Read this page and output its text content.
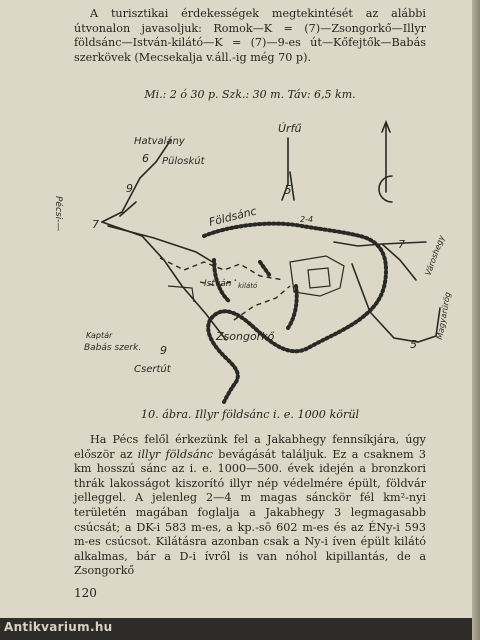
A turisztikai érdekességek megtekintését az alábbi útvonalon javasoljuk: Romok—K = (7)—Zsongorkő—Illyr földsánc—István-kilátó—K = (7)—9-es út—Kőfejtők—Babás szerkövek (Mecsekalja v.áll.-ig még 70 p).
Mi.: 2 ó 30 p. Szk.: 30 m. Táv: 6,5 km.
Pécsi-—
Hatvalány
Püloskút
Úrfű
Földsánc
István kilátó
Zsongorkő
Babás szerk.
Kaptár
Csertút
Városhegy
Magyarürög
6
9
7
5
2-4
7
9	5
10. ábra. Illyr földsánc i. e. 1000 körül
Ha Pécs felől érkezünk fel a Jakabhegy fennsíkjára, úgy először az illyr földsánc bevágását találjuk. Ez a csaknem 3 km hosszú sánc az i. e. 1000—500. évek idején a bronzkori thrák lakosságot kiszorító illyr nép védelmére épült, földvár jelleggel. A jelenleg 2—4 m magas sánckör fél km²-nyi területén magában foglalja a Jakabhegy 3 legmagasabb csúcsát; a DK-i 583 m-es, a kp.-sō 602 m-es és az ÉNy-i 593 m-es csúcsot. Kilátásra azonban csak a Ny-i íven épült kilátó alkalmas, bár a D-i ívről is van nóhol kipillantás, de a Zsongorkő
120
Antikvarium.hu
